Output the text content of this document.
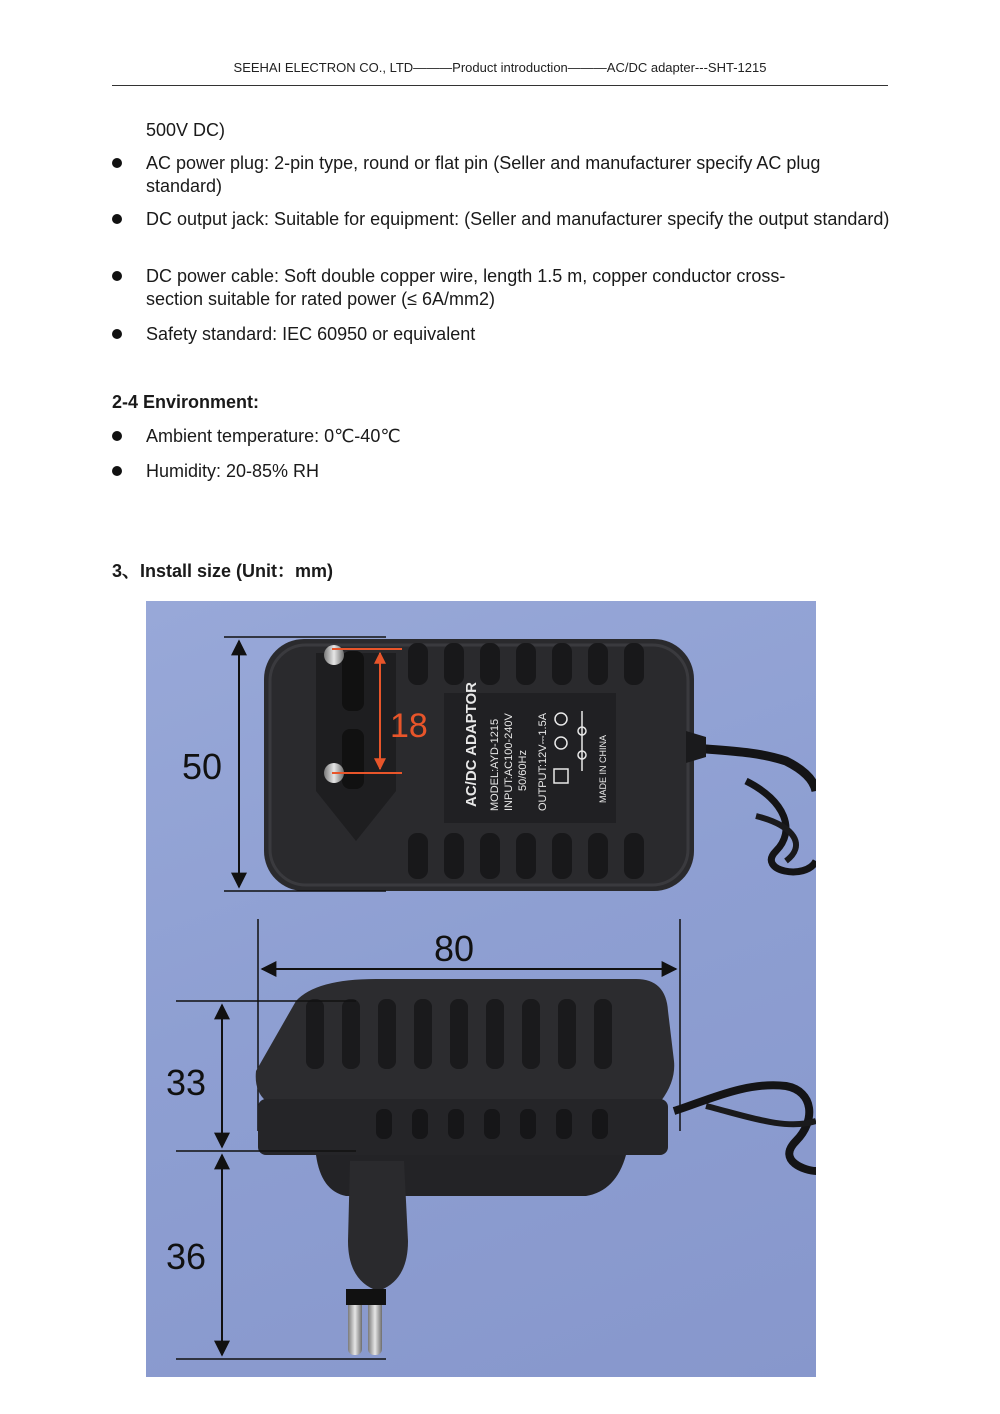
SEEHAI ELECTRON CO., LTD———Product introduction———AC/DC adapter---SHT-1215
500V DC)
AC power plug: 2-pin type, round or flat pin (Seller and manufacturer specify AC plug standard)
DC output jack: Suitable for equipment: (Seller and manufacturer specify the output standard)
DC power cable: Soft double copper wire, length 1.5 m, copper conductor cross-section suitable for rated power (≤ 6A/mm2)
Safety standard: IEC 60950 or equivalent
2-4 Environment:
Ambient temperature: 0℃-40℃
Humidity: 20-85% RH
3、Install size (Unit：mm)
AC/DC ADAPTOR MODEL:AYD-1215 INPUT:AC100-240V 50/60Hz OUTPUT:12V⎓1.5A	MADE IN CHINA
18
50
80
33
36
